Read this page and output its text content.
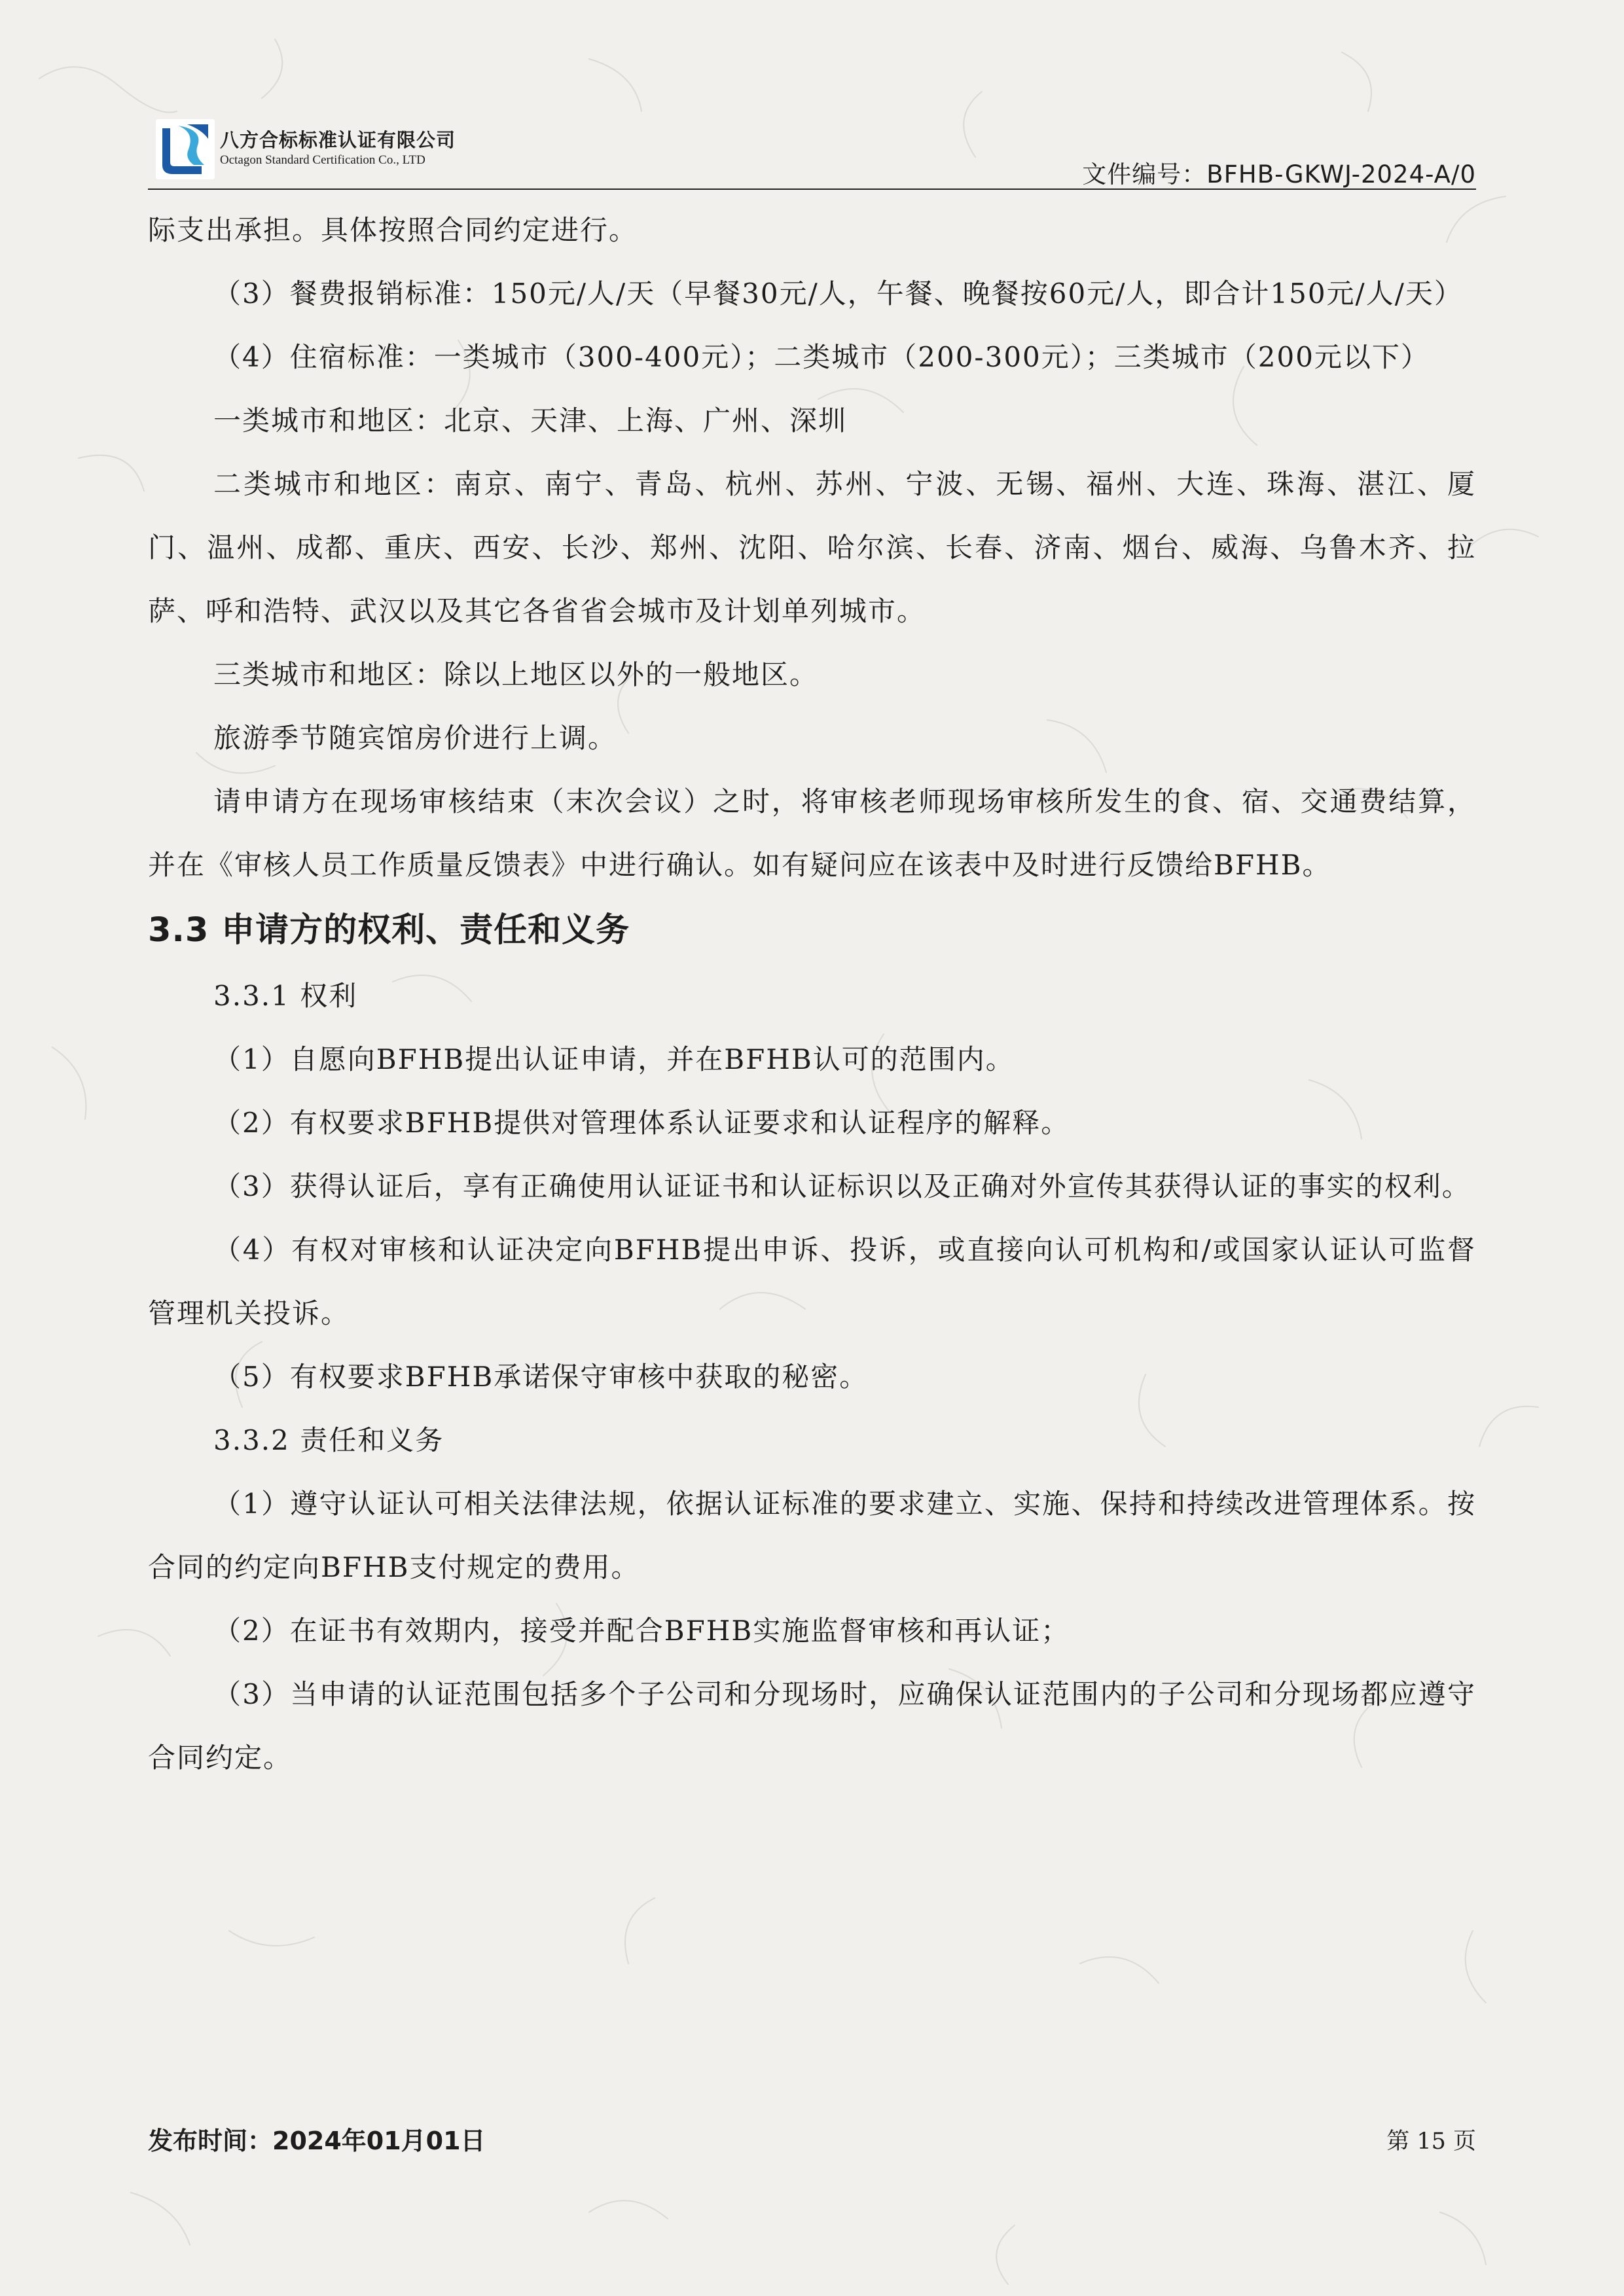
八方合标标准认证有限公司
Octagon Standard Certification Co., LTD
文件编号：BFHB-GKWJ-2024-A/0

际支出承担。具体按照合同约定进行。

（3）餐费报销标准：150元/人/天（早餐30元/人，午餐、晚餐按60元/人，即合计150元/人/天）

（4）住宿标准：一类城市（300-400元）；二类城市（200-300元）；三类城市（200元以下）

一类城市和地区：北京、天津、上海、广州、深圳

二类城市和地区：南京、南宁、青岛、杭州、苏州、宁波、无锡、福州、大连、珠海、湛江、厦门、温州、成都、重庆、西安、长沙、郑州、沈阳、哈尔滨、长春、济南、烟台、威海、乌鲁木齐、拉萨、呼和浩特、武汉以及其它各省省会城市及计划单列城市。

三类城市和地区：除以上地区以外的一般地区。

旅游季节随宾馆房价进行上调。

请申请方在现场审核结束（末次会议）之时，将审核老师现场审核所发生的食、宿、交通费结算，并在《审核人员工作质量反馈表》中进行确认。如有疑问应在该表中及时进行反馈给BFHB。

3.3 申请方的权利、责任和义务

3.3.1 权利

（1）自愿向BFHB提出认证申请，并在BFHB认可的范围内。

（2）有权要求BFHB提供对管理体系认证要求和认证程序的解释。

（3）获得认证后，享有正确使用认证证书和认证标识以及正确对外宣传其获得认证的事实的权利。

（4）有权对审核和认证决定向BFHB提出申诉、投诉，或直接向认可机构和/或国家认证认可监督管理机关投诉。

（5）有权要求BFHB承诺保守审核中获取的秘密。

3.3.2 责任和义务

（1）遵守认证认可相关法律法规，依据认证标准的要求建立、实施、保持和持续改进管理体系。按合同的约定向BFHB支付规定的费用。

（2）在证书有效期内，接受并配合BFHB实施监督审核和再认证；

（3）当申请的认证范围包括多个子公司和分现场时，应确保认证范围内的子公司和分现场都应遵守合同约定。

发布时间：2024年01月01日	第 15 页
